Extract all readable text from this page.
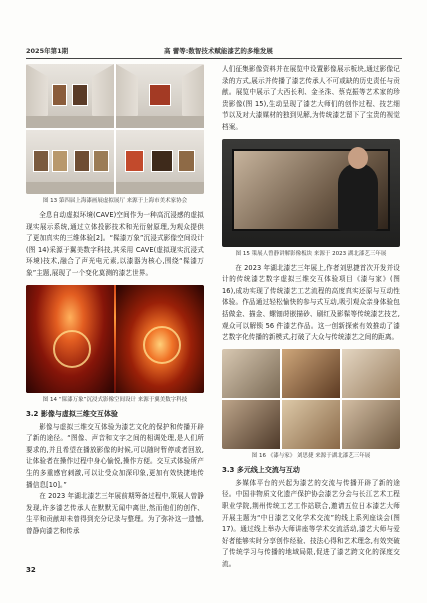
2025年第1期	高 蕾等:数智技术赋能漆艺的多维发展

图 13 第四届上海漆画展虚拟展厅 来源于上海市美术家协会

全息自动虚拟环境(CAVE)空间作为一种高沉浸感的虚拟现实展示系统,通过立体投影技术和光衍射原理,为观众提供了更加真实的三维体验[2]。“髹漆万象”沉浸式影像空间设计(图 14)采源于翼美数字科技,其采用 CAVE(虚拟现实沉浸式环境)技术,融合了声光电元素,以漆器为核心,围绕“髹漆万象”主题,展现了一个变化莫测的漆艺世界。

图 14 “髹漆万象”沉浸式影像空间设计 来源于翼美数字科技

3.2 影像与虚拟三维交互体验

影像与虚拟三维交互体验为漆艺文化的保护和传播开辟了新的途径。“图像、声音和文字之间的相调处理,是人们所要求的,并且希望在播放影像的时候,可以随时暂停或者回放,让体验者在操作过程中身心愉悦,操作方便。交互式体验所产生的多重感官刺激,可以让受众加深印象,更加有效快捷地传播信息[10]。”

在 2023 年湖北漆艺三年展前期筹备过程中,策展人曾静发现,许多漆艺传承人在默默无闻中离世,然而他们的创作、生平和贡献却未曾得到充分记录与整理。为了弥补这一遗憾,曾静向漆艺和传承

人们征集影像资料并在展览中设置影像展示板块,通过影像记录的方式,展示并传播了漆艺传承人不可或缺的历史责任与贡献。展览中展示了大西长利、金圣洙、蔡克振等艺术家的珍贵影像(图 15),生动呈现了漆艺大师们的创作过程、技艺细节以及对大漆媒材的独到见解,为传统漆艺留下了宝贵的视觉档案。

图 15 策展人曾静讲解影像板块 来源于 2023 湖北漆艺三年展

在 2023 年湖北漆艺三年展上,作者刘思捷首次开发并设计的传统漆艺数字虚拟三维交互体验项目《漆与家》(图 16),成功实现了传统漆艺工艺流程的高度真实还原与互动性体验。作品通过轻松愉快的参与式互动,吸引观众亲身体验包括做金、描金、螺钿莳嵌描砂、刷红及影髹等传统漆艺技艺,观众可以解锁 56 件漆艺作品。这一创新探索有效推动了漆艺数字化传播的新模式,打破了大众与传统漆艺之间的距离。

图 16 《漆与家》 刘思捷 来源于湖北漆艺三年展

3.3 多元线上交流与互动

多媒体平台的兴起为漆艺的交流与传播开辟了新的途径。中国非物质文化遗产保护协会漆艺分会与长江艺术工程职业学院,荆州传统工艺工作站联合,邀请五位日本漆艺大师开展主题为“中日漆艺文化学术交流”的线上系列座谈会(图 17)。通过线上举办大师讲座等学术交流活动,漆艺大师与爱好者能够实时分享创作经验、技法心得和艺术理念,有效突破了传统学习与传播的地域局限,促进了漆艺跨文化的深度交流。

32
